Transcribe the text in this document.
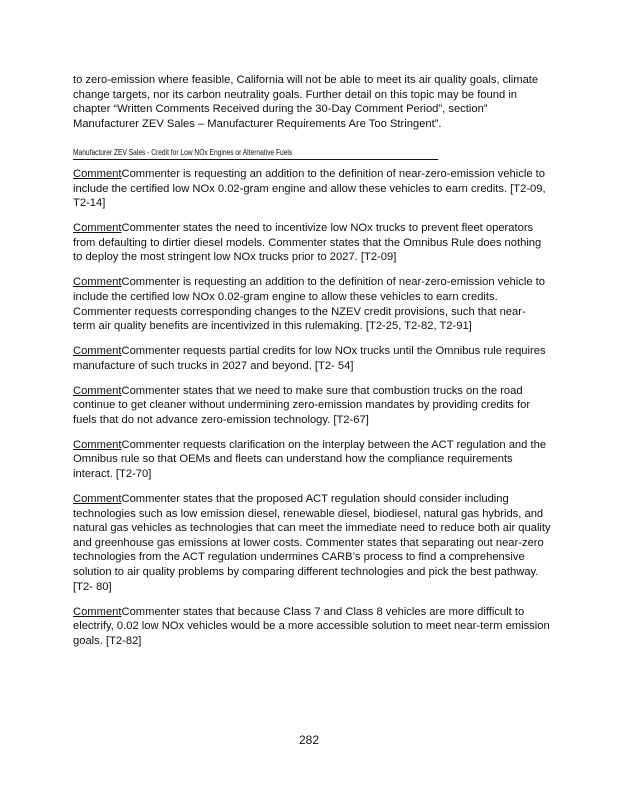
to zero-emission where feasible, California will not be able to meet its air quality goals, climate change targets, nor its carbon neutrality goals. Further detail on this topic may be found in chapter “Written Comments Received during the 30-Day Comment Period”, section” Manufacturer ZEV Sales – Manufacturer Requirements Are Too Stringent”.

Manufacturer ZEV Sales - Credit for Low NOx Engines or Alternative Fuels

CommentCommenter is requesting an addition to the definition of near-zero-emission vehicle to include the certified low NOx 0.02-gram engine and allow these vehicles to earn credits. [T2-09, T2-14]

CommentCommenter states the need to incentivize low NOx trucks to prevent fleet operators from defaulting to dirtier diesel models. Commenter states that the Omnibus Rule does nothing to deploy the most stringent low NOx trucks prior to 2027. [T2-09]

CommentCommenter is requesting an addition to the definition of near-zero-emission vehicle to include the certified low NOx 0.02-gram engine to allow these vehicles to earn credits. Commenter requests corresponding changes to the NZEV credit provisions, such that near- term air quality benefits are incentivized in this rulemaking. [T2-25, T2-82, T2-91]

CommentCommenter requests partial credits for low NOx trucks until the Omnibus rule requires manufacture of such trucks in 2027 and beyond. [T2- 54]

CommentCommenter states that we need to make sure that combustion trucks on the road continue to get cleaner without undermining zero-emission mandates by providing credits for fuels that do not advance zero-emission technology. [T2-67]

CommentCommenter requests clarification on the interplay between the ACT regulation and the Omnibus rule so that OEMs and fleets can understand how the compliance requirements interact. [T2-70]

CommentCommenter states that the proposed ACT regulation should consider including technologies such as low emission diesel, renewable diesel, biodiesel, natural gas hybrids, and natural gas vehicles as technologies that can meet the immediate need to reduce both air quality and greenhouse gas emissions at lower costs. Commenter states that separating out near-zero technologies from the ACT regulation undermines CARB’s process to find a comprehensive solution to air quality problems by comparing different technologies and pick the best pathway. [T2- 80]

CommentCommenter states that because Class 7 and Class 8 vehicles are more difficult to electrify, 0.02 low NOx vehicles would be a more accessible solution to meet near-term emission goals. [T2-82]

282
